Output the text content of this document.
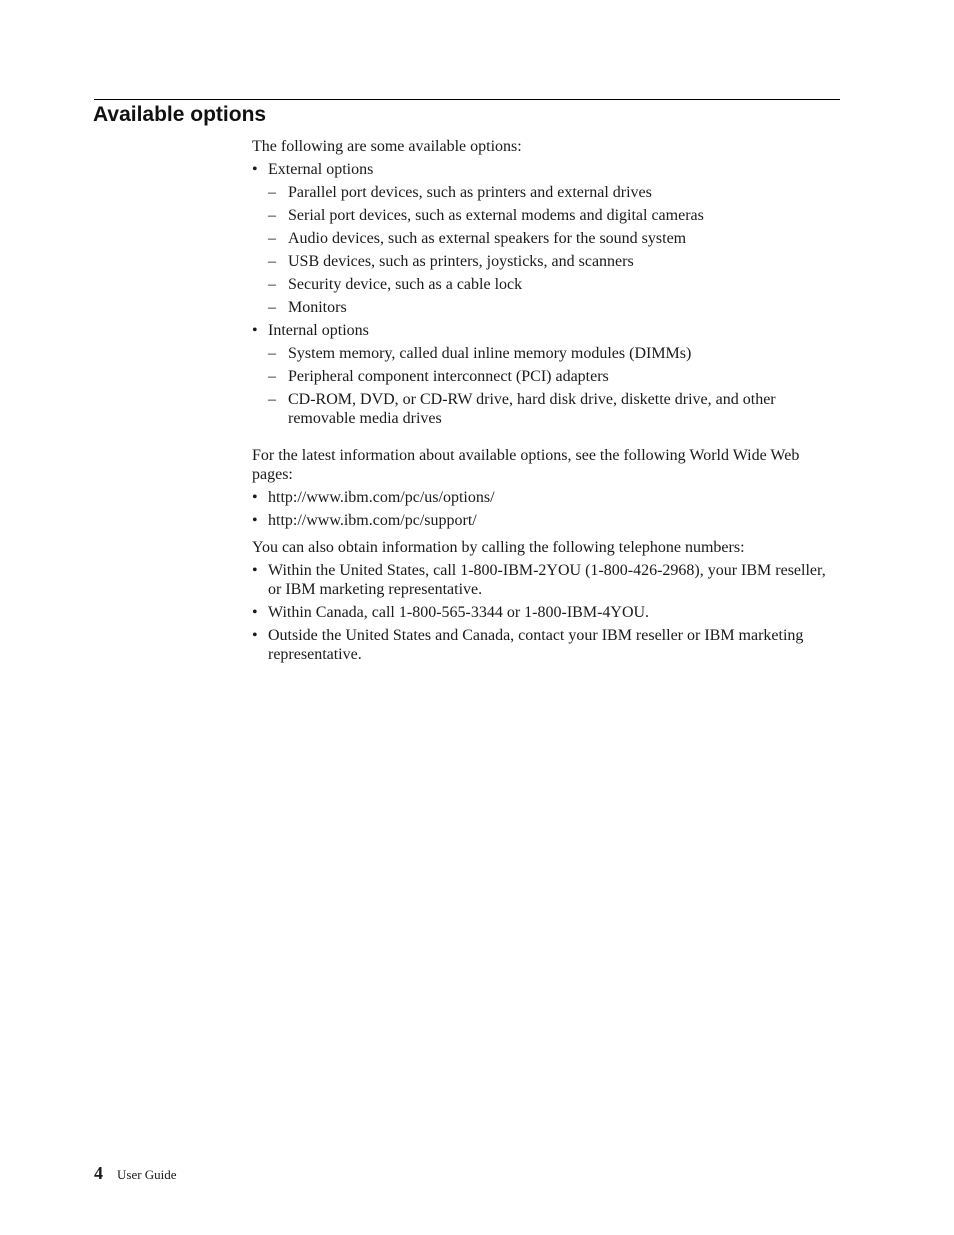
Available options

The following are some available options:

• External options
– Parallel port devices, such as printers and external drives
– Serial port devices, such as external modems and digital cameras
– Audio devices, such as external speakers for the sound system
– USB devices, such as printers, joysticks, and scanners
– Security device, such as a cable lock
– Monitors
• Internal options
– System memory, called dual inline memory modules (DIMMs)
– Peripheral component interconnect (PCI) adapters
– CD-ROM, DVD, or CD-RW drive, hard disk drive, diskette drive, and other removable media drives

For the latest information about available options, see the following World Wide Web pages:

• http://www.ibm.com/pc/us/options/
• http://www.ibm.com/pc/support/

You can also obtain information by calling the following telephone numbers:

• Within the United States, call 1-800-IBM-2YOU (1-800-426-2968), your IBM reseller, or IBM marketing representative.
• Within Canada, call 1-800-565-3344 or 1-800-IBM-4YOU.
• Outside the United States and Canada, contact your IBM reseller or IBM marketing representative.
4 User Guide
